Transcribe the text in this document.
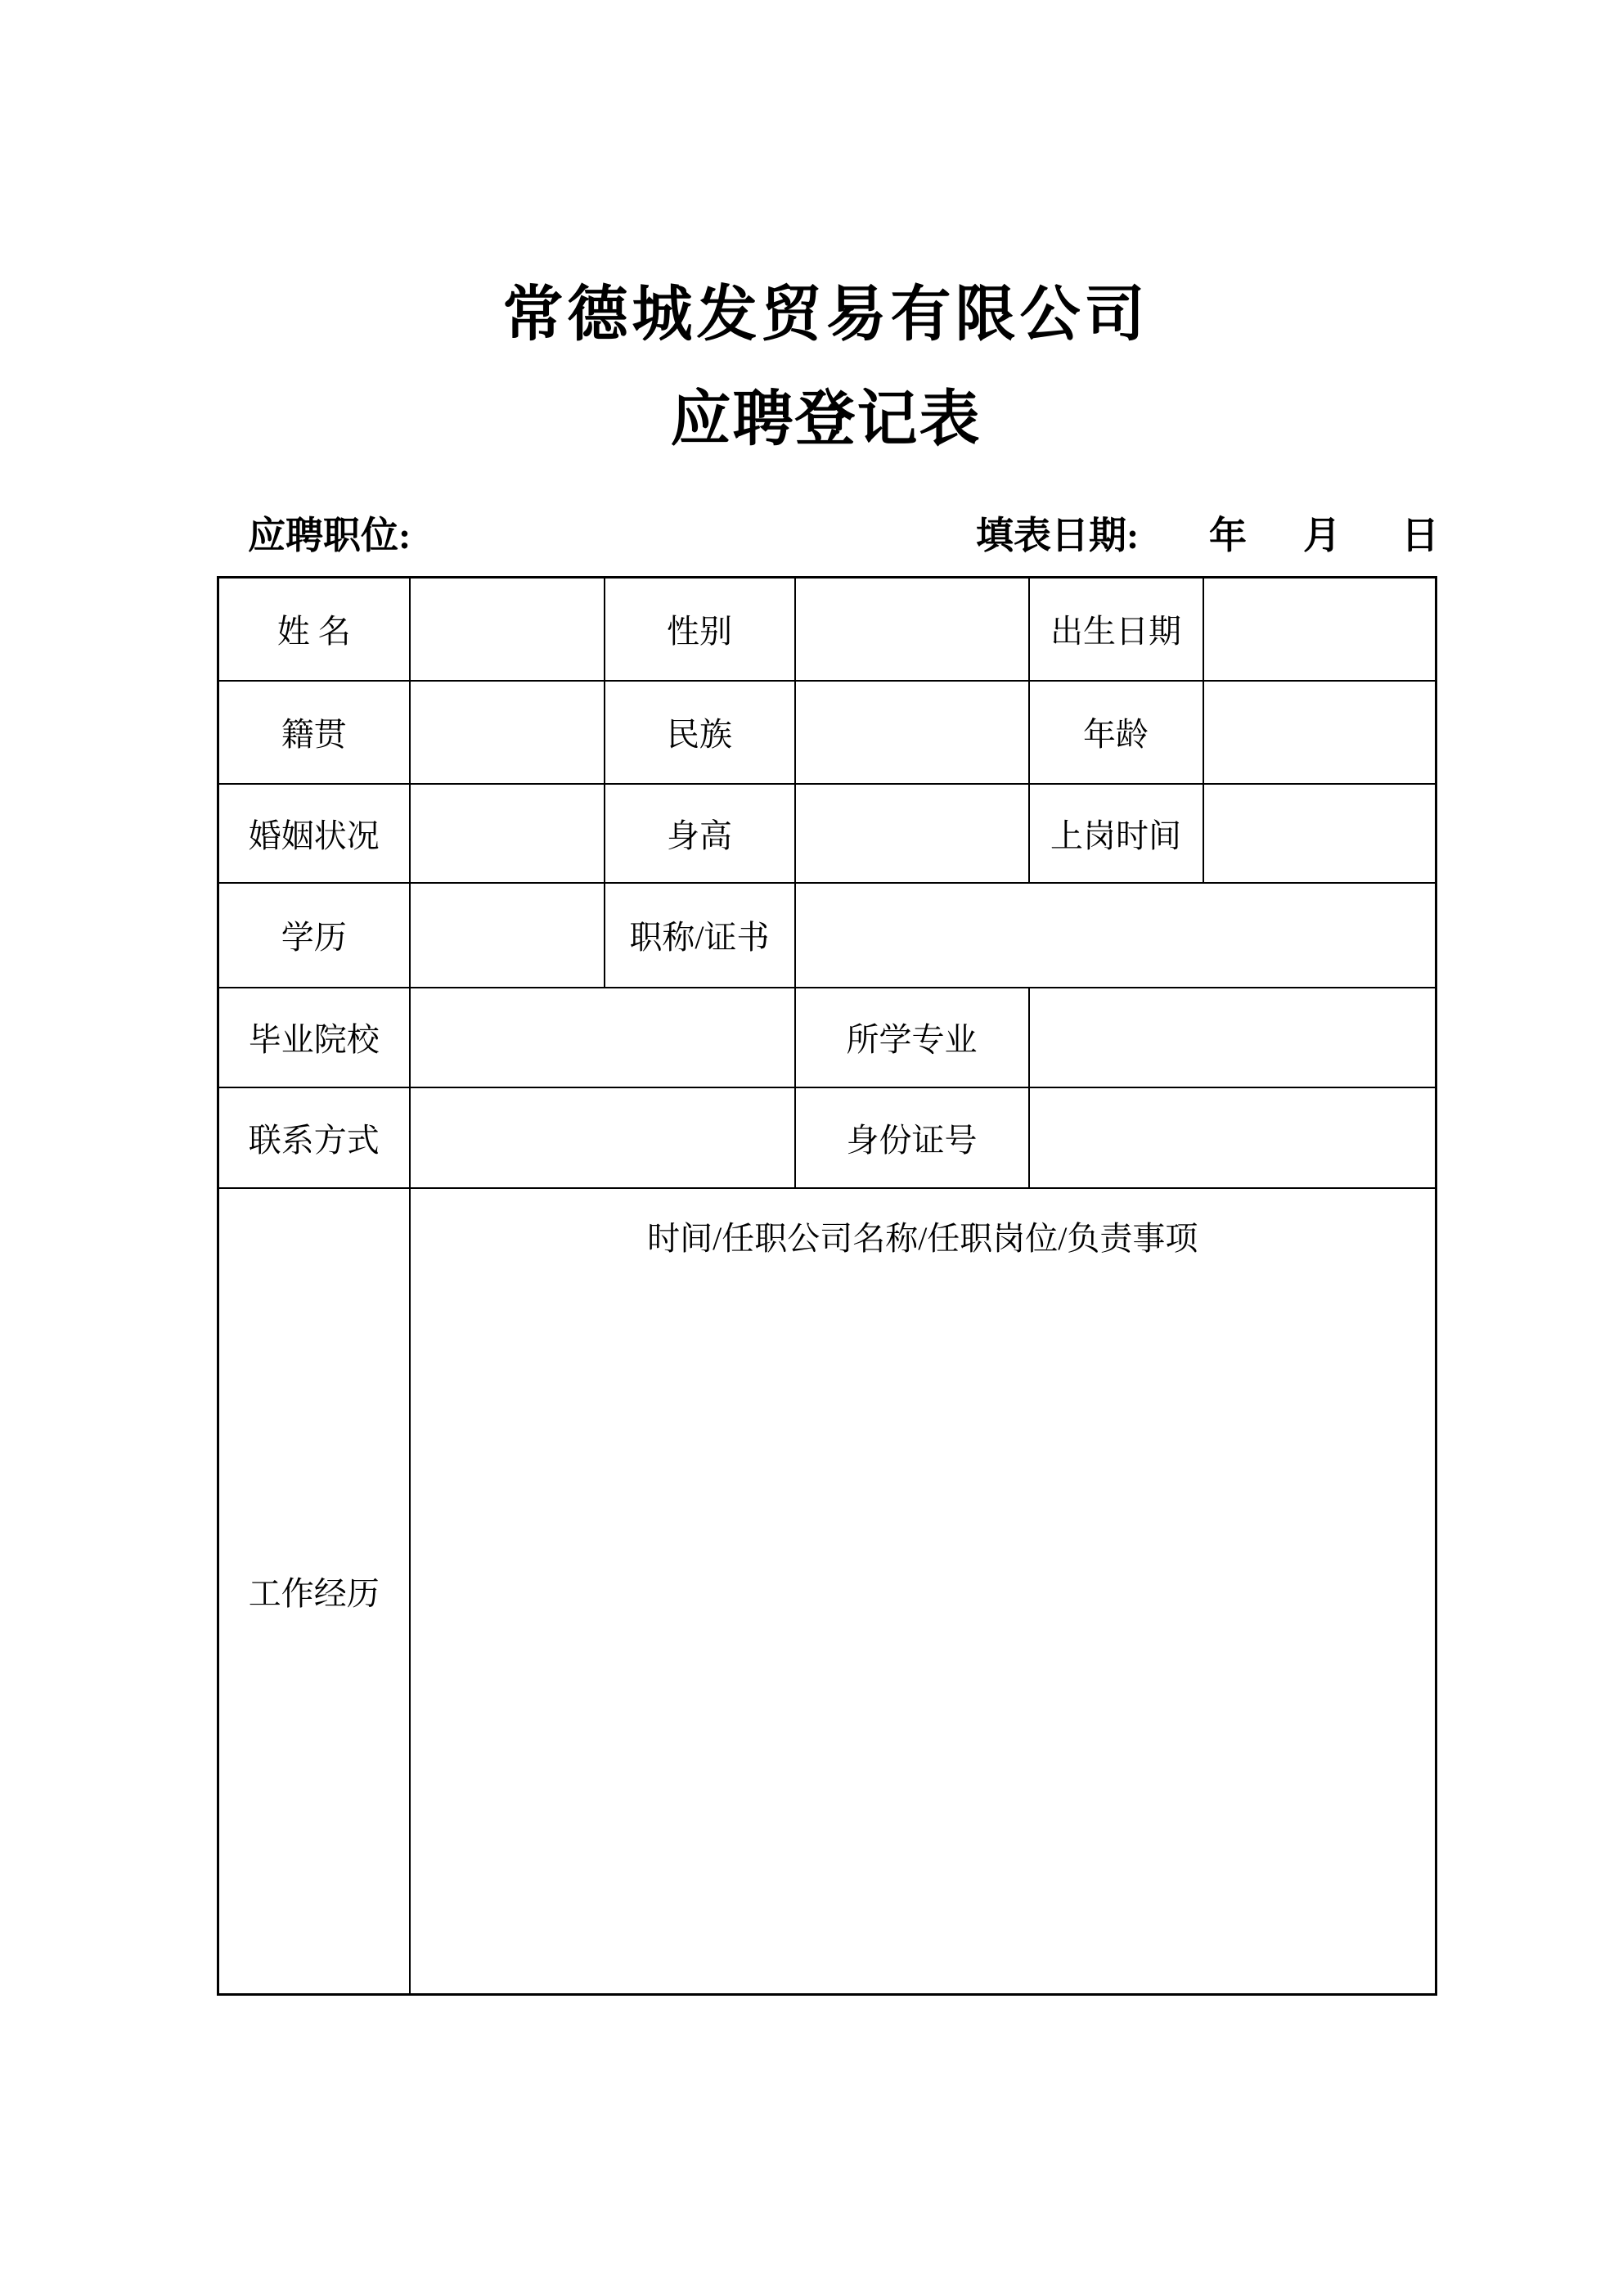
常德城发贸易有限公司
应聘登记表
应聘职位:	填表日期: 年 月 日
姓 名		性别		出生日期	
籍贯		民族		年龄	
婚姻状况		身高		上岗时间	
学历		职称/证书			
毕业院校			所学专业		
联系方式			身份证号		
工作经历	时间/任职公司名称/任职岗位/负责事项				
